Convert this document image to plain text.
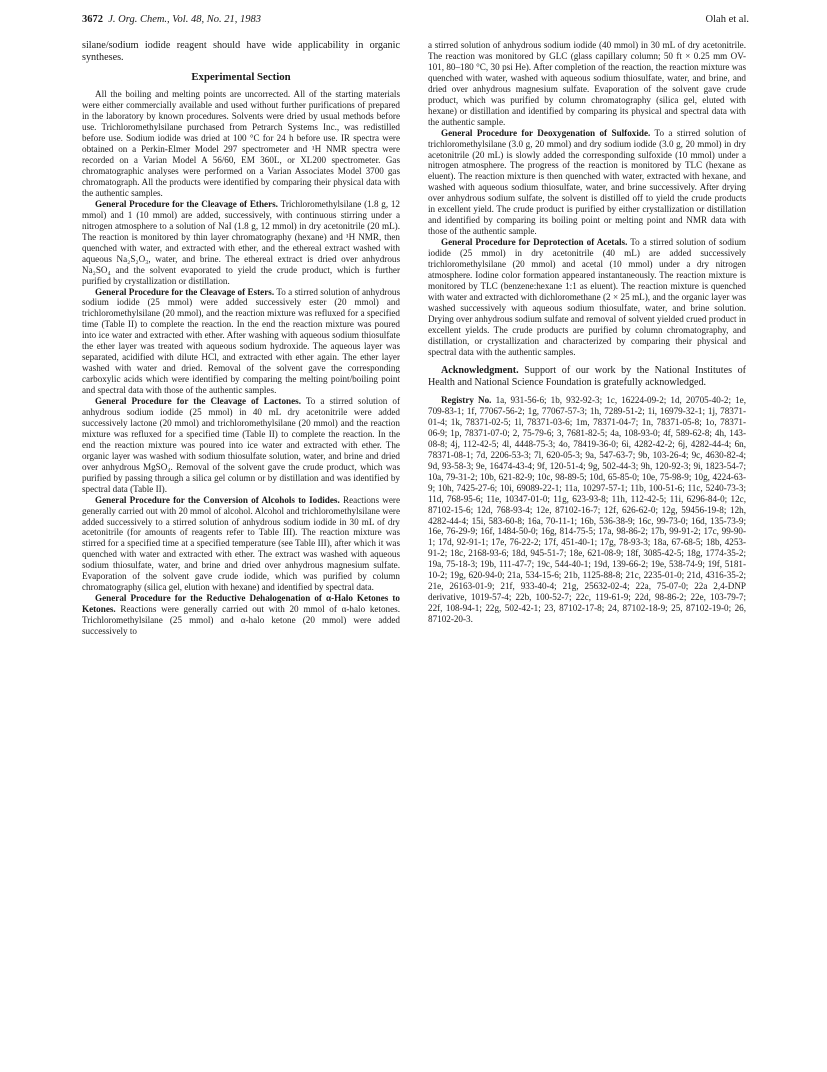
3672 J. Org. Chem., Vol. 48, No. 21, 1983	Olah et al.

silane/sodium iodide reagent should have wide applicability in organic syntheses.

Experimental Section

All the boiling and melting points are uncorrected. All of the starting materials were either commercially available and used without further purifications of prepared in the laboratory by known procedures. Solvents were dried by usual methods before use. Trichloromethylsilane purchased from Petrarch Systems Inc., was redistilled before use. Sodium iodide was dried at 100 °C for 24 h before use. IR spectra were obtained on a Perkin-Elmer Model 297 spectrometer and ¹H NMR spectra were recorded on a Varian Model A 56/60, EM 360L, or XL200 spectrometer. Gas chromatographic analyses were performed on a Varian Associates Model 3700 gas chromatograph. All the products were identified by comparing their physical data with the authentic samples.

General Procedure for the Cleavage of Ethers. Trichloromethylsilane (1.8 g, 12 mmol) and 1 (10 mmol) are added, successively, with continuous stirring under a nitrogen atmosphere to a solution of NaI (1.8 g, 12 mmol) in dry acetonitrile (20 mL). The reaction is monitored by thin layer chromatography (hexane) and ¹H NMR, then quenched with water, and extracted with ether, and the ethereal extract washed with aqueous Na₂S₂O₃, water, and brine. The ethereal extract is dried over anhydrous Na₂SO₄ and the solvent evaporated to yield the crude product, which is further purified by crystallization or distillation.

General Procedure for the Cleavage of Esters. To a stirred solution of anhydrous sodium iodide (25 mmol) were added successively ester (20 mmol) and trichloromethylsilane (20 mmol), and the reaction mixture was refluxed for a specified time (Table II) to complete the reaction. In the end the reaction mixture was poured into ice water and extracted with ether. After washing with aqueous sodium thiosulfate the ether layer was treated with aqueous sodium hydroxide. The aqueous layer was separated, acidified with dilute HCl, and extracted with ether again. The ether layer washed with water and dried. Removal of the solvent gave the corresponding carboxylic acids which were identified by comparing the melting point/boiling point and spectral data with those of the authentic samples.

General Procedure for the Cleavage of Lactones. To a stirred solution of anhydrous sodium iodide (25 mmol) in 40 mL dry acetonitrile were added successively lactone (20 mmol) and trichloromethylsilane (20 mmol) and the reaction mixture was refluxed for a specified time (Table II) to complete the reaction. In the end the reaction mixture was poured into ice water and extracted with ether. The organic layer was washed with sodium thiosulfate solution, water, and brine and dried over anhydrous MgSO₄. Removal of the solvent gave the crude product, which was purified by passing through a silica gel column or by distillation and was identified by spectral data (Table II).

General Procedure for the Conversion of Alcohols to Iodides. Reactions were generally carried out with 20 mmol of alcohol. Alcohol and trichloromethylsilane were added successively to a stirred solution of anhydrous sodium iodide in 30 mL of dry acetonitrile (for amounts of reagents refer to Table III). The reaction mixture was stirred for a specified time at a specified temperature (see Table III), after which it was quenched with water and extracted with ether. The extract was washed with aqueous sodium thiosulfate, water, and brine and dried over anhydrous magnesium sulfate. Evaporation of the solvent gave crude iodide, which was purified by column chromatography (silica gel, elution with hexane) and identified by spectral data.

General Procedure for the Reductive Dehalogenation of α-Halo Ketones to Ketones. Reactions were generally carried out with 20 mmol of α-halo ketones. Trichloromethylsilane (25 mmol) and α-halo ketone (20 mmol) were added successively to

a stirred solution of anhydrous sodium iodide (40 mmol) in 30 mL of dry acetonitrile. The reaction was monitored by GLC (glass capillary column; 50 ft × 0.25 mm OV-101, 80–180 °C, 30 psi He). After completion of the reaction, the reaction mixture was quenched with water, washed with aqueous sodium thiosulfate, water, and brine, and dried over anhydrous magnesium sulfate. Evaporation of the solvent gave crude product, which was purified by column chromatography (silica gel, eluted with hexane) or distillation and identified by comparing its physical and spectral data with the authentic sample.

General Procedure for Deoxygenation of Sulfoxide. To a stirred solution of trichloromethylsilane (3.0 g, 20 mmol) and dry sodium iodide (3.0 g, 20 mmol) in dry acetonitrile (20 mL) is slowly added the corresponding sulfoxide (10 mmol) under a nitrogen atmosphere. The progress of the reaction is monitored by TLC (hexane as eluent). The reaction mixture is then quenched with water, extracted with hexane, and washed with aqueous sodium thiosulfate, water, and brine successively. After drying over anhydrous sodium sulfate, the solvent is distilled off to yield the crude products in excellent yield. The crude product is purified by either crystallization or distillation and identified by comparing its boiling point or melting point and NMR data with those of the authentic sample.

General Procedure for Deprotection of Acetals. To a stirred solution of sodium iodide (25 mmol) in dry acetonitrile (40 mL) are added successively trichloromethylsilane (20 mmol) and acetal (10 mmol) under a dry nitrogen atmosphere. Iodine color formation appeared instantaneously. The reaction mixture is monitored by TLC (benzene:hexane 1:1 as eluent). The reaction mixture is quenched with water and extracted with dichloromethane (2 × 25 mL), and the organic layer was washed successively with aqueous sodium thiosulfate, water, and brine solution. Drying over anhydrous sodium sulfate and removal of solvent yielded crued product in excellent yields. The crude products are purified by column chromatography, and distillation, or crystallization and characterized by comparing their physical and spectral data with the authentic samples.

Acknowledgment. Support of our work by the National Institutes of Health and National Science Foundation is gratefully acknowledged.

Registry No. 1a, 931-56-6; 1b, 932-92-3; 1c, 16224-09-2; 1d, 20705-40-2; 1e, 709-83-1; 1f, 77067-56-2; 1g, 77067-57-3; 1h, 7289-51-2; 1i, 16979-32-1; 1j, 78371-01-4; 1k, 78371-02-5; 1l, 78371-03-6; 1m, 78371-04-7; 1n, 78371-05-8; 1o, 78371-06-9; 1p, 78371-07-0; 2, 75-79-6; 3, 7681-82-5; 4a, 108-93-0; 4f, 589-62-8; 4h, 143-08-8; 4j, 112-42-5; 4l, 4448-75-3; 4o, 78419-36-0; 6i, 4282-42-2; 6j, 4282-44-4; 6n, 78371-08-1; 7d, 2206-53-3; 7l, 620-05-3; 9a, 547-63-7; 9b, 103-26-4; 9c, 4630-82-4; 9d, 93-58-3; 9e, 16474-43-4; 9f, 120-51-4; 9g, 502-44-3; 9h, 120-92-3; 9i, 1823-54-7; 10a, 79-31-2; 10b, 621-82-9; 10c, 98-89-5; 10d, 65-85-0; 10e, 75-98-9; 10g, 4224-63-9; 10h, 7425-27-6; 10i, 69089-22-1; 11a, 10297-57-1; 11b, 100-51-6; 11c, 5240-73-3; 11d, 768-95-6; 11e, 10347-01-0; 11g, 623-93-8; 11h, 112-42-5; 11i, 6296-84-0; 12c, 87102-15-6; 12d, 768-93-4; 12e, 87102-16-7; 12f, 626-62-0; 12g, 59456-19-8; 12h, 4282-44-4; 15i, 583-60-8; 16a, 70-11-1; 16b, 536-38-9; 16c, 99-73-0; 16d, 135-73-9; 16e, 76-29-9; 16f, 1484-50-0; 16g, 814-75-5; 17a, 98-86-2; 17b, 99-91-2; 17c, 99-90-1; 17d, 92-91-1; 17e, 76-22-2; 17f, 451-40-1; 17g, 78-93-3; 18a, 67-68-5; 18b, 4253-91-2; 18c, 2168-93-6; 18d, 945-51-7; 18e, 621-08-9; 18f, 3085-42-5; 18g, 1774-35-2; 19a, 75-18-3; 19b, 111-47-7; 19c, 544-40-1; 19d, 139-66-2; 19e, 538-74-9; 19f, 5181-10-2; 19g, 620-94-0; 21a, 534-15-6; 21b, 1125-88-8; 21c, 2235-01-0; 21d, 4316-35-2; 21e, 26163-01-9; 21f, 933-40-4; 21g, 25632-02-4; 22a, 75-07-0; 22a 2,4-DNP derivative, 1019-57-4; 22b, 100-52-7; 22c, 119-61-9; 22d, 98-86-2; 22e, 103-79-7; 22f, 108-94-1; 22g, 502-42-1; 23, 87102-17-8; 24, 87102-18-9; 25, 87102-19-0; 26, 87102-20-3.
